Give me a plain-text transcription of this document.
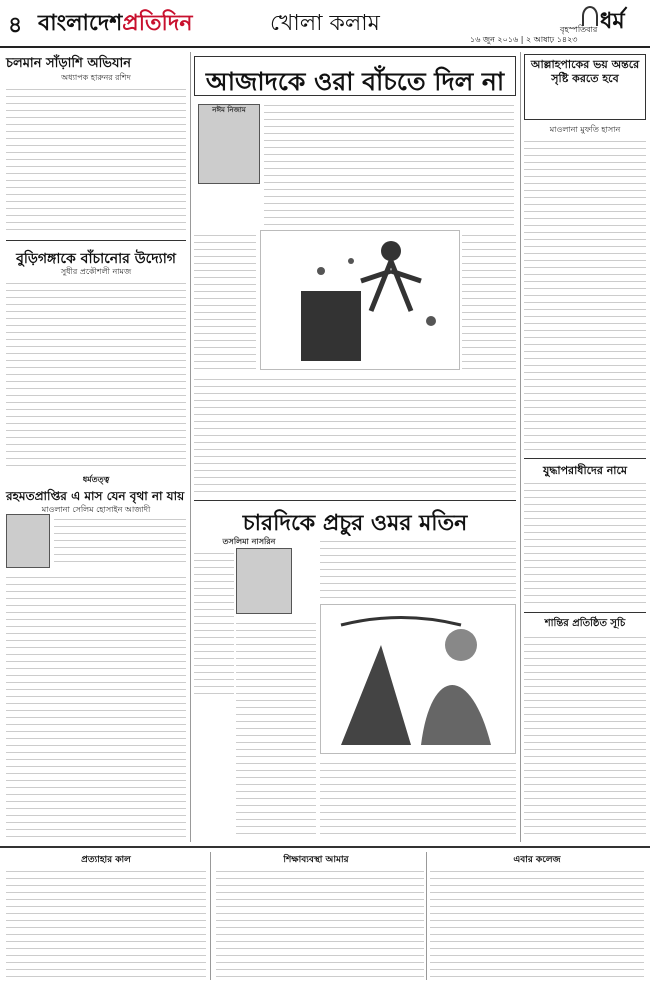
৪ বাংলাদেশপ্রতিদিন	খোলা কলাম	বৃহস্পতিবার
১৬ জুন ২০১৬ | ২ আষাঢ় ১৪২৩
ধর্ম
চলমান সাঁড়াশি অভিযান
অধ্যাপক হারুনর রশিদ
বুড়িগঙ্গাকে বাঁচানোর উদ্যোগ
সুধীর প্রকৌশলী নামজ
ধর্মতত্ত্ব
রহমতপ্রাপ্তির এ মাস যেন বৃথা না যায়
মাওলানা সেলিম হোসাইন আজাদী
আজাদকে ওরা বাঁচতে দিল না
নঈম নিজাম
চারদিকে প্রচুর ওমর মতিন
তসলিমা নাসরিন
আল্লাহপাকের ভয় অন্তরে সৃষ্টি করতে হবে
মাওলানা মুফতি হাসান
যুদ্ধাপরাধীদের নামে
শান্তির প্রতিষ্ঠিত সূচি
প্রত্যাহার কাল	শিক্ষাব্যবস্থা আমার	এবার কলেজ
